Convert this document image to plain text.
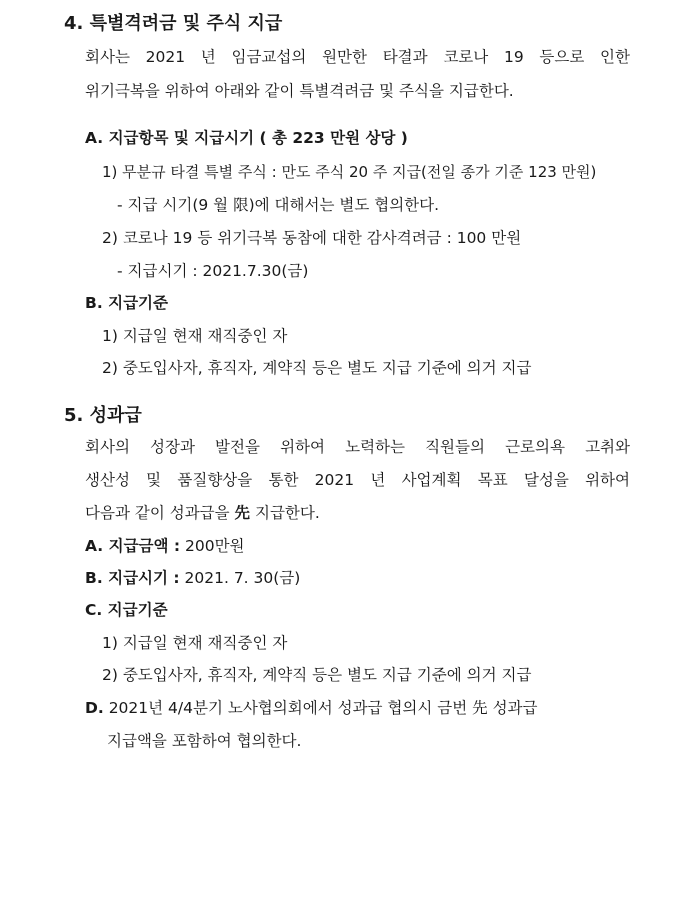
4. 특별격려금 및 주식 지급
회사는 2021 년 임금교섭의 원만한 타결과 코로나 19 등으로 인한
위기극복을 위하여 아래와 같이 특별격려금 및 주식을 지급한다.
A. 지급항목 및 지급시기 ( 총 223 만원 상당 )
1) 무분규 타결 특별 주식 : 만도 주식 20 주 지급(전일 종가 기준 123 만원)
- 지급 시기(9 월 限)에 대해서는 별도 협의한다.
2) 코로나 19 등 위기극복 동참에 대한 감사격려금 : 100 만원
- 지급시기 : 2021.7.30(금)
B. 지급기준
1) 지급일 현재 재직중인 자
2) 중도입사자, 휴직자, 계약직 등은 별도 지급 기준에 의거 지급
5. 성과급
회사의 성장과 발전을 위하여 노력하는 직원들의 근로의욕 고취와
생산성 및 품질향상을 통한 2021 년 사업계획 목표 달성을 위하여
다음과 같이 성과급을 先 지급한다.
A. 지급금액 : 200만원
B. 지급시기 : 2021. 7. 30(금)
C. 지급기준
1) 지급일 현재 재직중인 자
2) 중도입사자, 휴직자, 계약직 등은 별도 지급 기준에 의거 지급
D. 2021년 4/4분기 노사협의회에서 성과급 협의시 금번 先 성과급
지급액을 포함하여 협의한다.
